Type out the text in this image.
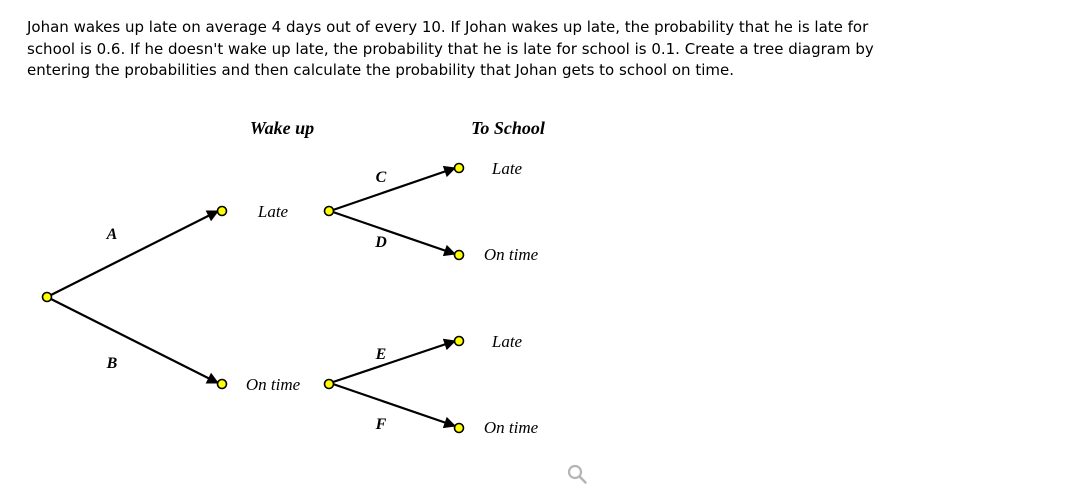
Johan wakes up late on average 4 days out of every 10. If Johan wakes up late, the probability that he is late for school is 0.6. If he doesn't wake up late, the probability that he is late for school is 0.1. Create a tree diagram by entering the probabilities and then calculate the probability that Johan gets to school on time.

Wake up	To School
Late
On time
Late
On time
Late
On time
A
B
C
D
E
F
